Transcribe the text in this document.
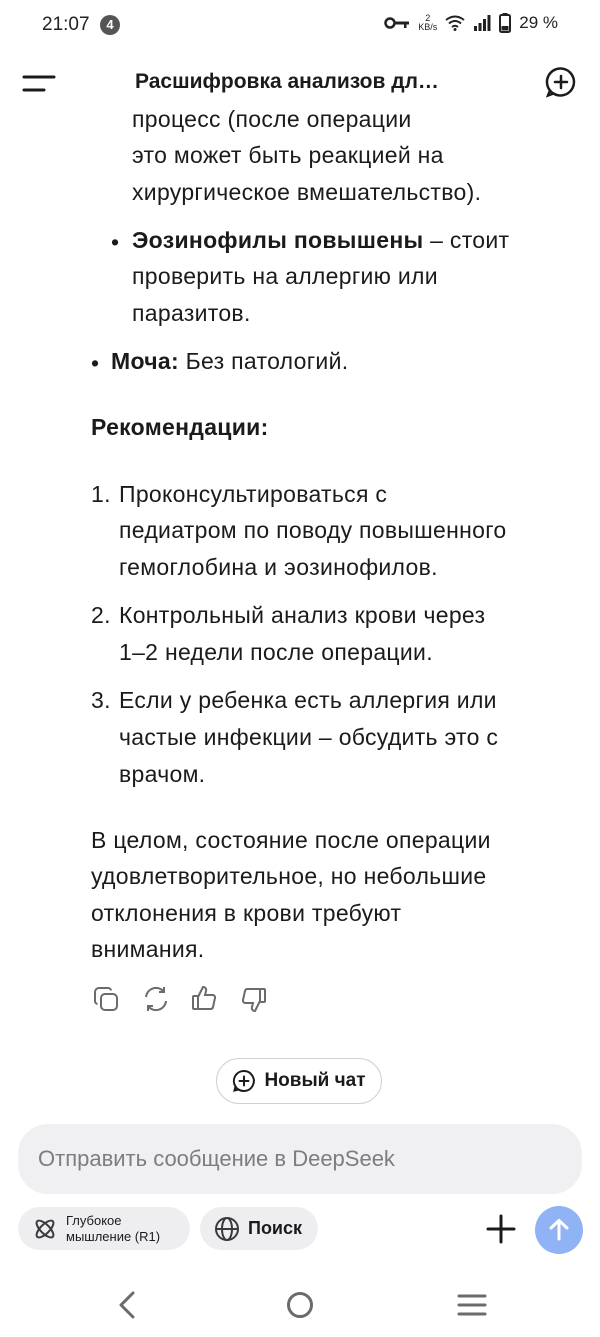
21:07	4	2
KB/s	29 %
Расшифровка анализов дл…
процесс (после операции
это может быть реакцией на
хирургическое вмешательство).
• Эозинофилы повышены – стоит
проверить на аллергию или
паразитов.
• Моча: Без патологий.
Рекомендации:
1. Проконсультироваться с
педиатром по поводу повышенного
гемоглобина и эозинофилов.
2. Контрольный анализ крови через
1–2 недели после операции.
3. Если у ребенка есть аллергия или
частые инфекции – обсудить это с
врачом.
В целом, состояние после операции
удовлетворительное, но небольшие
отклонения в крови требуют
внимания.
Новый чат
Отправить сообщение в DeepSeek
Глубокое
мышление (R1)	Поиск
